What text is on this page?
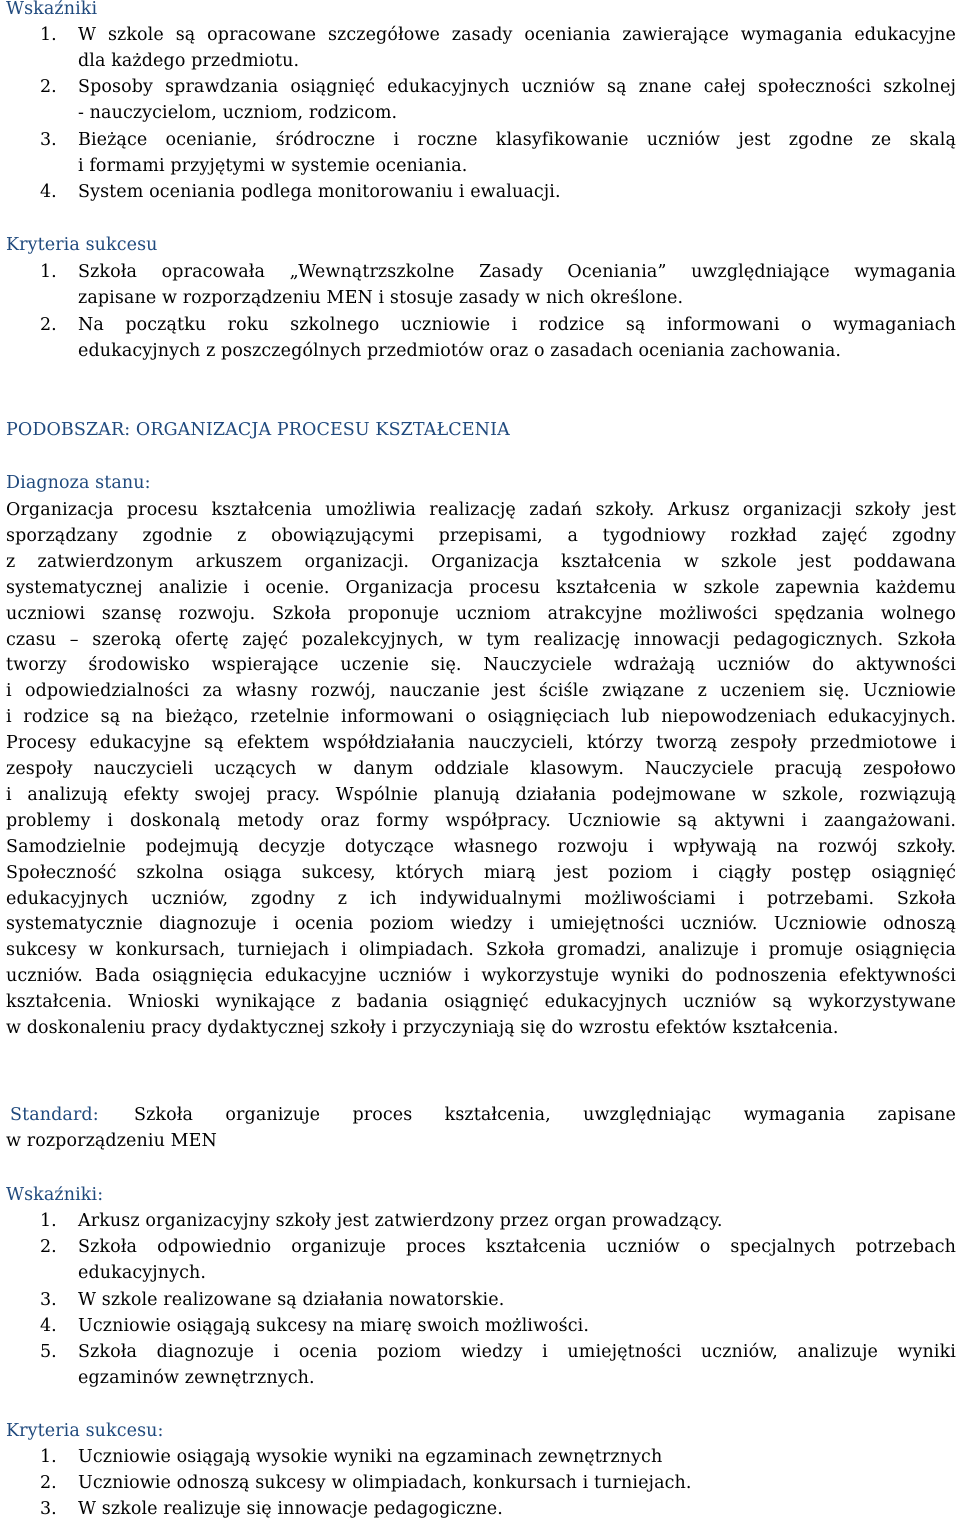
Wskaźniki
1. W szkole są opracowane szczegółowe zasady oceniania zawierające wymagania edukacyjne
dla każdego przedmiotu.
2. Sposoby sprawdzania osiągnięć edukacyjnych uczniów są znane całej społeczności szkolnej
- nauczycielom, uczniom, rodzicom.
3. Bieżące ocenianie, śródroczne i roczne klasyfikowanie uczniów jest zgodne ze skalą
i formami przyjętymi w systemie oceniania.
4. System oceniania podlega monitorowaniu i ewaluacji.
Kryteria sukcesu
1. Szkoła opracowała „Wewnątrzszkolne Zasady Oceniania” uwzględniające wymagania
zapisane w rozporządzeniu MEN i stosuje zasady w nich określone.
2. Na początku roku szkolnego uczniowie i rodzice są informowani o wymaganiach
edukacyjnych z poszczególnych przedmiotów oraz o zasadach oceniania zachowania.
PODOBSZAR: ORGANIZACJA PROCESU KSZTAŁCENIA
Diagnoza stanu:
Organizacja procesu kształcenia umożliwia realizację zadań szkoły. Arkusz organizacji szkoły jest
sporządzany zgodnie z obowiązującymi przepisami, a tygodniowy rozkład zajęć zgodny
z zatwierdzonym arkuszem organizacji. Organizacja kształcenia w szkole jest poddawana
systematycznej analizie i ocenie. Organizacja procesu kształcenia w szkole zapewnia każdemu
uczniowi szansę rozwoju. Szkoła proponuje uczniom atrakcyjne możliwości spędzania wolnego
czasu – szeroką ofertę zajęć pozalekcyjnych, w tym realizację innowacji pedagogicznych. Szkoła
tworzy środowisko wspierające uczenie się. Nauczyciele wdrażają uczniów do aktywności
i odpowiedzialności za własny rozwój, nauczanie jest ściśle związane z uczeniem się. Uczniowie
i rodzice są na bieżąco, rzetelnie informowani o osiągnięciach lub niepowodzeniach edukacyjnych.
Procesy edukacyjne są efektem współdziałania nauczycieli, którzy tworzą zespoły przedmiotowe i
zespoły nauczycieli uczących w danym oddziale klasowym. Nauczyciele pracują zespołowo
i analizują efekty swojej pracy. Wspólnie planują działania podejmowane w szkole, rozwiązują
problemy i doskonalą metody oraz formy współpracy. Uczniowie są aktywni i zaangażowani.
Samodzielnie podejmują decyzje dotyczące własnego rozwoju i wpływają na rozwój szkoły.
Społeczność szkolna osiąga sukcesy, których miarą jest poziom i ciągły postęp osiągnięć
edukacyjnych uczniów, zgodny z ich indywidualnymi możliwościami i potrzebami. Szkoła
systematycznie diagnozuje i ocenia poziom wiedzy i umiejętności uczniów. Uczniowie odnoszą
sukcesy w konkursach, turniejach i olimpiadach. Szkoła gromadzi, analizuje i promuje osiągnięcia
uczniów. Bada osiągnięcia edukacyjne uczniów i wykorzystuje wyniki do podnoszenia efektywności
kształcenia. Wnioski wynikające z badania osiągnięć edukacyjnych uczniów są wykorzystywane
w doskonaleniu pracy dydaktycznej szkoły i przyczyniają się do wzrostu efektów kształcenia.
Standard: Szkoła organizuje proces kształcenia, uwzględniając wymagania zapisane
w rozporządzeniu MEN
Wskaźniki:
1. Arkusz organizacyjny szkoły jest zatwierdzony przez organ prowadzący.
2. Szkoła odpowiednio organizuje proces kształcenia uczniów o specjalnych potrzebach
edukacyjnych.
3. W szkole realizowane są działania nowatorskie.
4. Uczniowie osiągają sukcesy na miarę swoich możliwości.
5. Szkoła diagnozuje i ocenia poziom wiedzy i umiejętności uczniów, analizuje wyniki
egzaminów zewnętrznych.
Kryteria sukcesu:
1. Uczniowie osiągają wysokie wyniki na egzaminach zewnętrznych
2. Uczniowie odnoszą sukcesy w olimpiadach, konkursach i turniejach.
3. W szkole realizuje się innowacje pedagogiczne.
